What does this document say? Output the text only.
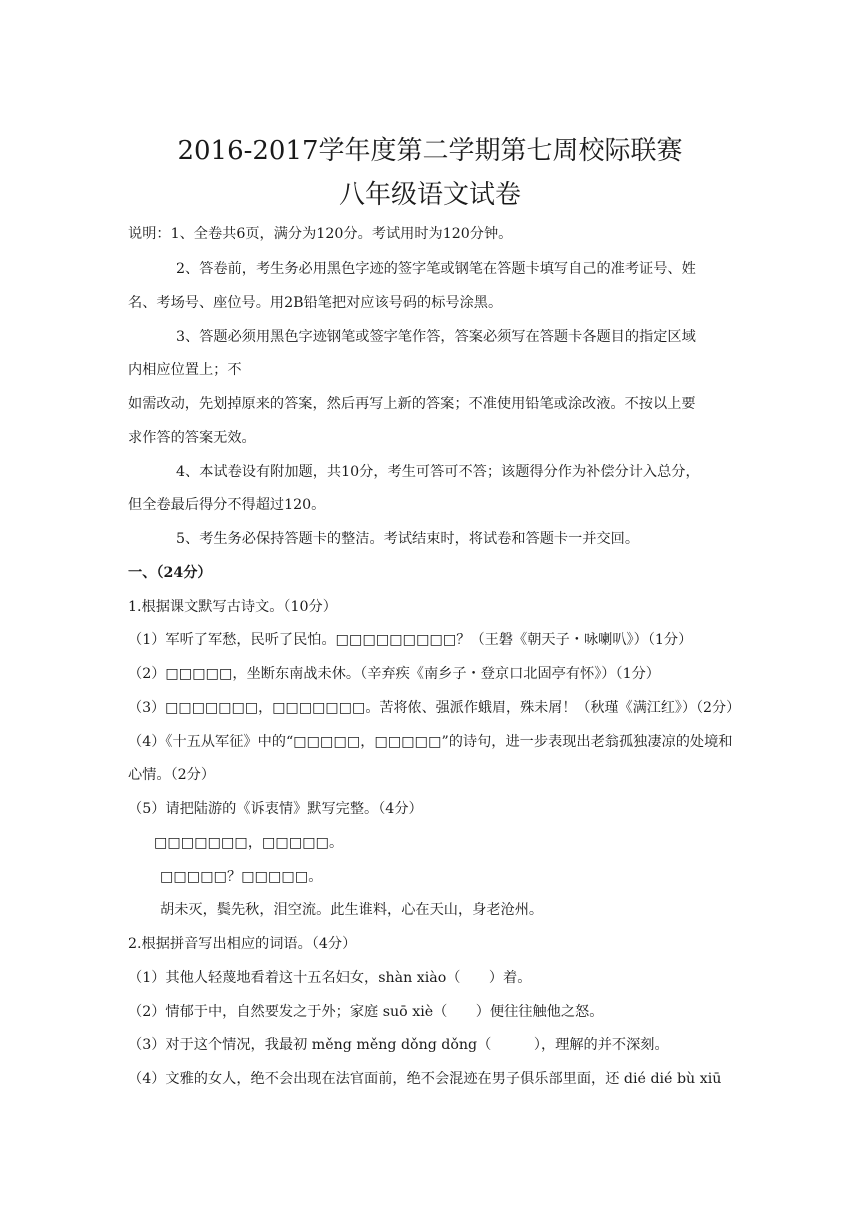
2016-2017学年度第二学期第七周校际联赛
八年级语文试卷
说明：1、全卷共6页，满分为120分。考试用时为120分钟。
2、答卷前，考生务必用黑色字迹的签字笔或钢笔在答题卡填写自己的准考证号、姓
名、考场号、座位号。用2B铅笔把对应该号码的标号涂黑。
3、答题必须用黑色字迹钢笔或签字笔作答，答案必须写在答题卡各题目的指定区域
内相应位置上；不
如需改动，先划掉原来的答案，然后再写上新的答案；不准使用铅笔或涂改液。不按以上要
求作答的答案无效。
4、本试卷设有附加题，共10分，考生可答可不答；该题得分作为补偿分计入总分，
但全卷最后得分不得超过120。
5、考生务必保持答题卡的整洁。考试结束时，将试卷和答题卡一并交回。
一、（24分）
1.根据课文默写古诗文。（10分）
（1）军听了军愁，民听了民怕。□□□□□□□□□？（王磐《朝天子・咏喇叭》）（1分）
（2）□□□□□，坐断东南战未休。（辛弃疾《南乡子・登京口北固亭有怀》）（1分）
（3）□□□□□□□，□□□□□□□。苦将侬、强派作蛾眉，殊未屑！（秋瑾《满江红》）（2分）
（4）《十五从军征》中的“□□□□□，□□□□□”的诗句，进一步表现出老翁孤独凄凉的处境和
心情。（2分）
（5）请把陆游的《诉衷情》默写完整。（4分）
□□□□□□□，□□□□□。
□□□□□？□□□□□。
胡未灭，鬓先秋，泪空流。此生谁料，心在天山，身老沧州。
2.根据拼音写出相应的词语。（4分）
（1）其他人轻蔑地看着这十五名妇女，shàn xiào（　　）着。
（2）情郁于中，自然要发之于外；家庭 suō xiè（　　）便往往触他之怒。
（3）对于这个情况，我最初 měng měng dǒng dǒng（　　　），理解的并不深刻。
（4）文雅的女人，绝不会出现在法官面前，绝不会混迹在男子俱乐部里面，还 dié dié bù xiū
